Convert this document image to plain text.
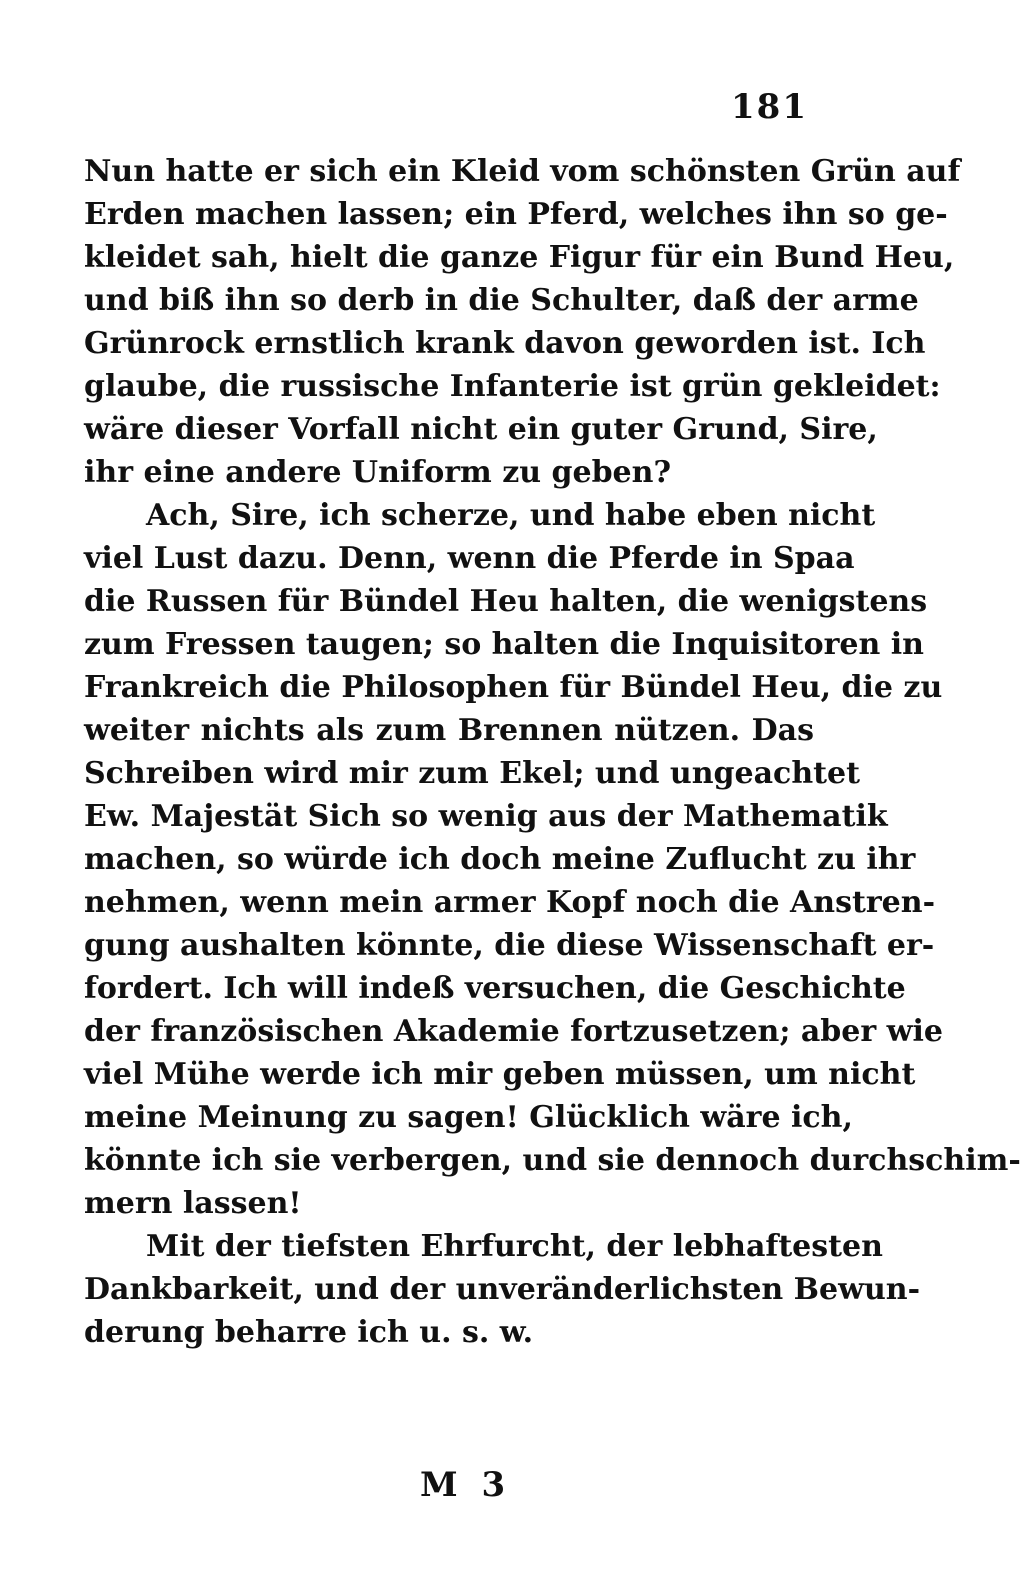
181
Nun hatte er sich ein Kleid vom schönsten Grün auf
Erden machen lassen; ein Pferd, welches ihn so ge-
kleidet sah, hielt die ganze Figur für ein Bund Heu,
und biß ihn so derb in die Schulter, daß der arme
Grünrock ernstlich krank davon geworden ist. Ich
glaube, die russische Infanterie ist grün gekleidet:
wäre dieser Vorfall nicht ein guter Grund, Sire,
ihr eine andere Uniform zu geben?
Ach, Sire, ich scherze, und habe eben nicht
viel Lust dazu. Denn, wenn die Pferde in Spaa
die Russen für Bündel Heu halten, die wenigstens
zum Fressen taugen; so halten die Inquisitoren in
Frankreich die Philosophen für Bündel Heu, die zu
weiter nichts als zum Brennen nützen. Das
Schreiben wird mir zum Ekel; und ungeachtet
Ew. Majestät Sich so wenig aus der Mathematik
machen, so würde ich doch meine Zuflucht zu ihr
nehmen, wenn mein armer Kopf noch die Anstren-
gung aushalten könnte, die diese Wissenschaft er-
fordert. Ich will indeß versuchen, die Geschichte
der französischen Akademie fortzusetzen; aber wie
viel Mühe werde ich mir geben müssen, um nicht
meine Meinung zu sagen! Glücklich wäre ich,
könnte ich sie verbergen, und sie dennoch durchschim-
mern lassen!
Mit der tiefsten Ehrfurcht, der lebhaftesten
Dankbarkeit, und der unveränderlichsten Bewun-
derung beharre ich u. s. w.
M 3
